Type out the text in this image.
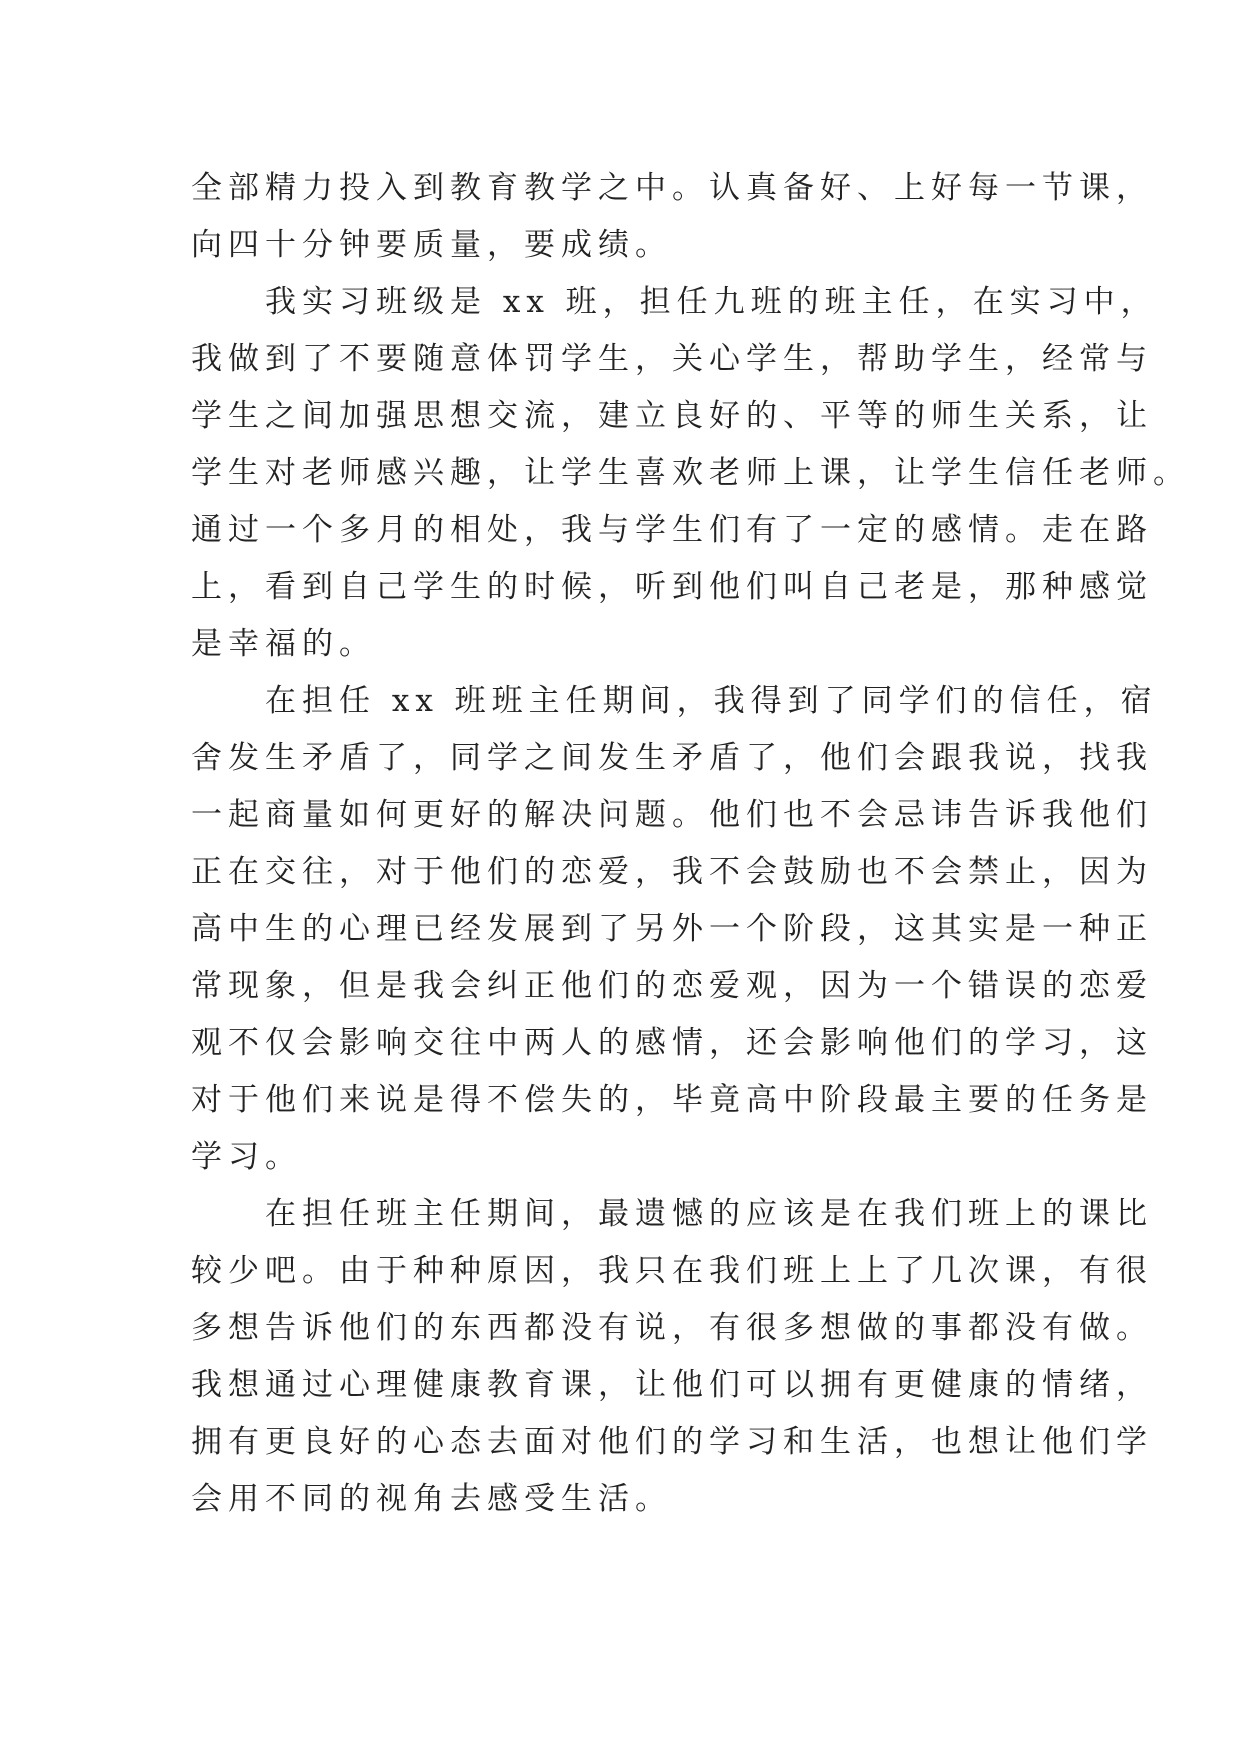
全部精力投入到教育教学之中。认真备好、上好每一节课，
向四十分钟要质量，要成绩。
我实习班级是 xx 班，担任九班的班主任，在实习中，
我做到了不要随意体罚学生，关心学生，帮助学生，经常与
学生之间加强思想交流，建立良好的、平等的师生关系，让
学生对老师感兴趣，让学生喜欢老师上课，让学生信任老师。
通过一个多月的相处，我与学生们有了一定的感情。走在路
上，看到自己学生的时候，听到他们叫自己老是，那种感觉
是幸福的。
在担任 xx 班班主任期间，我得到了同学们的信任，宿
舍发生矛盾了，同学之间发生矛盾了，他们会跟我说，找我
一起商量如何更好的解决问题。他们也不会忌讳告诉我他们
正在交往，对于他们的恋爱，我不会鼓励也不会禁止，因为
高中生的心理已经发展到了另外一个阶段，这其实是一种正
常现象，但是我会纠正他们的恋爱观，因为一个错误的恋爱
观不仅会影响交往中两人的感情，还会影响他们的学习，这
对于他们来说是得不偿失的，毕竟高中阶段最主要的任务是
学习。
在担任班主任期间，最遗憾的应该是在我们班上的课比
较少吧。由于种种原因，我只在我们班上上了几次课，有很
多想告诉他们的东西都没有说，有很多想做的事都没有做。
我想通过心理健康教育课，让他们可以拥有更健康的情绪，
拥有更良好的心态去面对他们的学习和生活，也想让他们学
会用不同的视角去感受生活。
